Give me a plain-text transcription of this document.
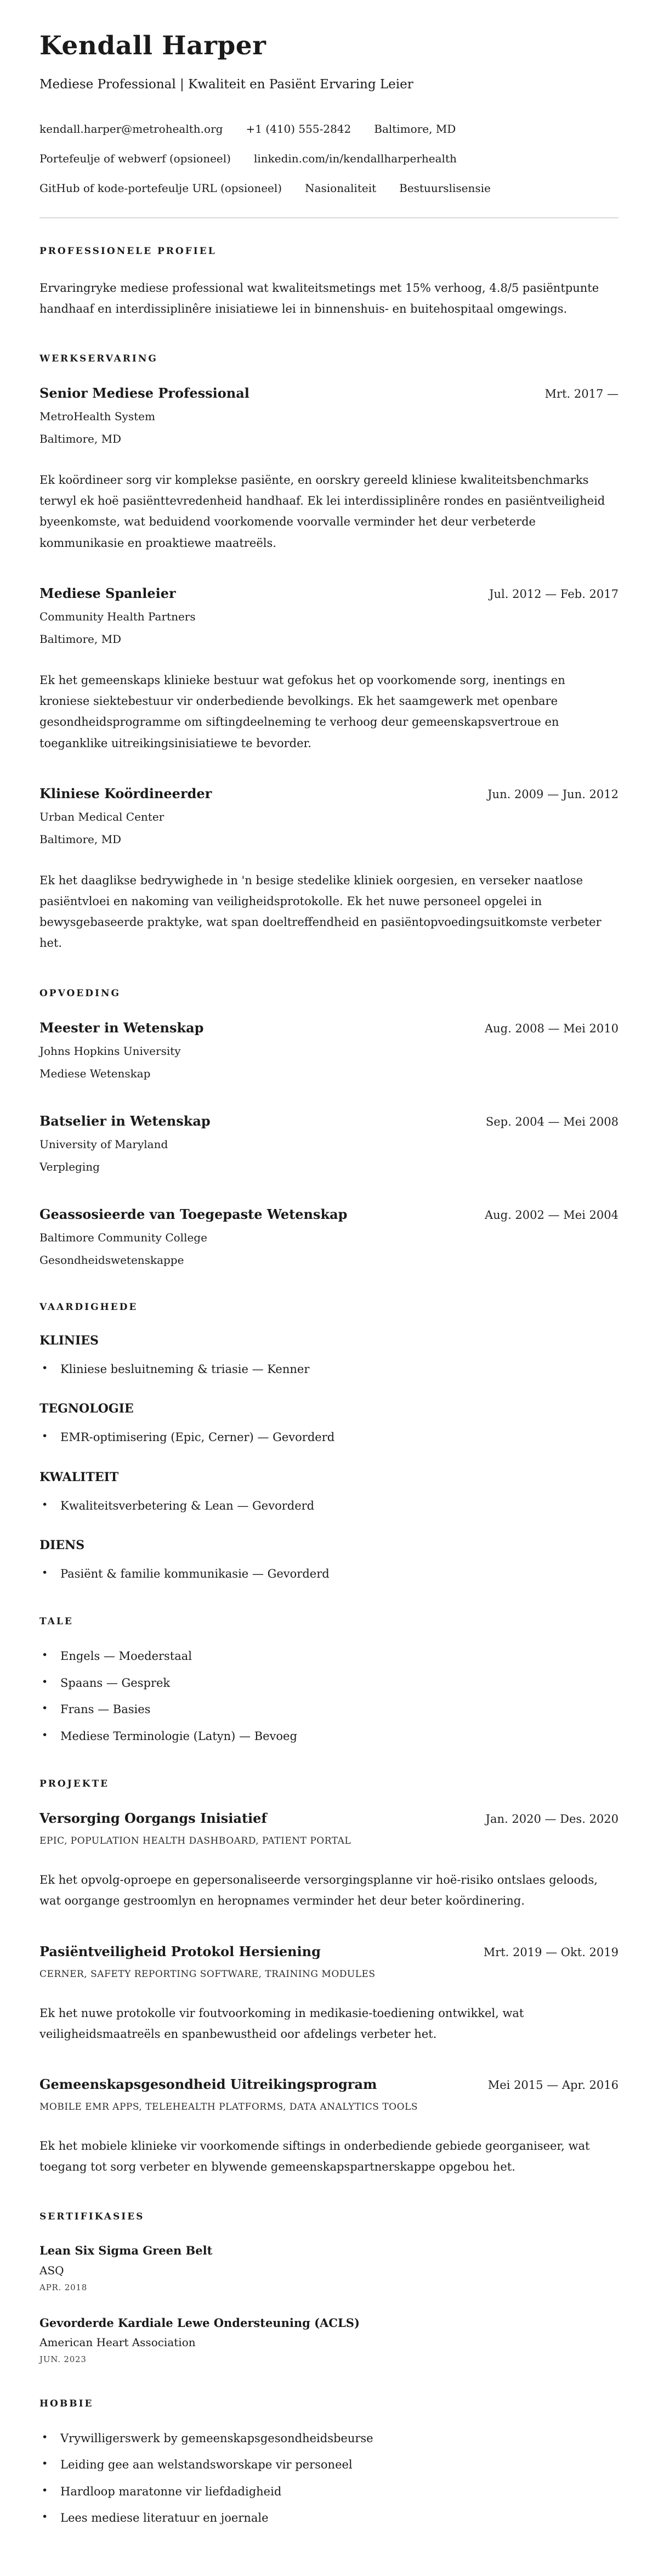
Kendall Harper
Mediese Professional | Kwaliteit en Pasiënt Ervaring Leier
kendall.harper@metrohealth.org +1 (410) 555-2842 Baltimore, MD
Portefeulje of webwerf (opsioneel) linkedin.com/in/kendallharperhealth
GitHub of kode-portefeulje URL (opsioneel) Nasionaliteit Bestuurslisensie
PROFESSIONELE PROFIEL

Ervaringryke mediese professional wat kwaliteitsmetings met 15% verhoog, 4.8/5 pasiëntpunte handhaaf en interdissiplinêre inisiatiewe lei in binnenshuis- en buitehospitaal omgewings.

WERKSERVARING
Senior Mediese Professional	Mrt. 2017 —
MetroHealth System
Baltimore, MD

Ek koördineer sorg vir komplekse pasiënte, en oorskry gereeld kliniese kwaliteitsbenchmarks terwyl ek hoë pasiënttevredenheid handhaaf. Ek lei interdissiplinêre rondes en pasiëntveiligheid byeenkomste, wat beduidend voorkomende voorvalle verminder het deur verbeterde kommunikasie en proaktiewe maatreëls.

Mediese Spanleier	Jul. 2012 — Feb. 2017
Community Health Partners
Baltimore, MD

Ek het gemeenskaps klinieke bestuur wat gefokus het op voorkomende sorg, inentings en kroniese siektebestuur vir onderbediende bevolkings. Ek het saamgewerk met openbare gesondheidsprogramme om siftingdeelneming te verhoog deur gemeenskapsvertroue en toeganklike uitreikingsinisiatiewe te bevorder.

Kliniese Koördineerder	Jun. 2009 — Jun. 2012
Urban Medical Center
Baltimore, MD

Ek het daaglikse bedrywighede in 'n besige stedelike kliniek oorgesien, en verseker naatlose pasiëntvloei en nakoming van veiligheidsprotokolle. Ek het nuwe personeel opgelei in bewysgebaseerde praktyke, wat span doeltreffendheid en pasiëntopvoedingsuitkomste verbeter het.

OPVOEDING
Meester in Wetenskap	Aug. 2008 — Mei 2010
Johns Hopkins University
Mediese Wetenskap
Batselier in Wetenskap	Sep. 2004 — Mei 2008
University of Maryland
Verpleging
Geassosieerde van Toegepaste Wetenskap	Aug. 2002 — Mei 2004
Baltimore Community College
Gesondheidswetenskappe
VAARDIGHEDE
KLINIES
• Kliniese besluitneming & triasie — Kenner
TEGNOLOGIE
• EMR-optimisering (Epic, Cerner) — Gevorderd
KWALITEIT
• Kwaliteitsverbetering & Lean — Gevorderd
DIENS
• Pasiënt & familie kommunikasie — Gevorderd
TALE
• Engels — Moederstaal
• Spaans — Gesprek
• Frans — Basies
• Mediese Terminologie (Latyn) — Bevoeg
PROJEKTE
Versorging Oorgangs Inisiatief	Jan. 2020 — Des. 2020
EPIC, POPULATION HEALTH DASHBOARD, PATIENT PORTAL

Ek het opvolg-oproepe en gepersonaliseerde versorgingsplanne vir hoë-risiko ontslaes geloods, wat oorgange gestroomlyn en heropnames verminder het deur beter koördinering.

Pasiëntveiligheid Protokol Hersiening	Mrt. 2019 — Okt. 2019
CERNER, SAFETY REPORTING SOFTWARE, TRAINING MODULES

Ek het nuwe protokolle vir foutvoorkoming in medikasie-toediening ontwikkel, wat veiligheidsmaatreëls en spanbewustheid oor afdelings verbeter het.

Gemeenskapsgesondheid Uitreikingsprogram	Mei 2015 — Apr. 2016
MOBILE EMR APPS, TELEHEALTH PLATFORMS, DATA ANALYTICS TOOLS

Ek het mobiele klinieke vir voorkomende siftings in onderbediende gebiede georganiseer, wat toegang tot sorg verbeter en blywende gemeenskapspartnerskappe opgebou het.

SERTIFIKASIES
Lean Six Sigma Green Belt
ASQ
APR. 2018
Gevorderde Kardiale Lewe Ondersteuning (ACLS)
American Heart Association
JUN. 2023
HOBBIE
• Vrywilligerswerk by gemeenskapsgesondheidsbeurse
• Leiding gee aan welstandsworskape vir personeel
• Hardloop maratonne vir liefdadigheid
• Lees mediese literatuur en joernale
